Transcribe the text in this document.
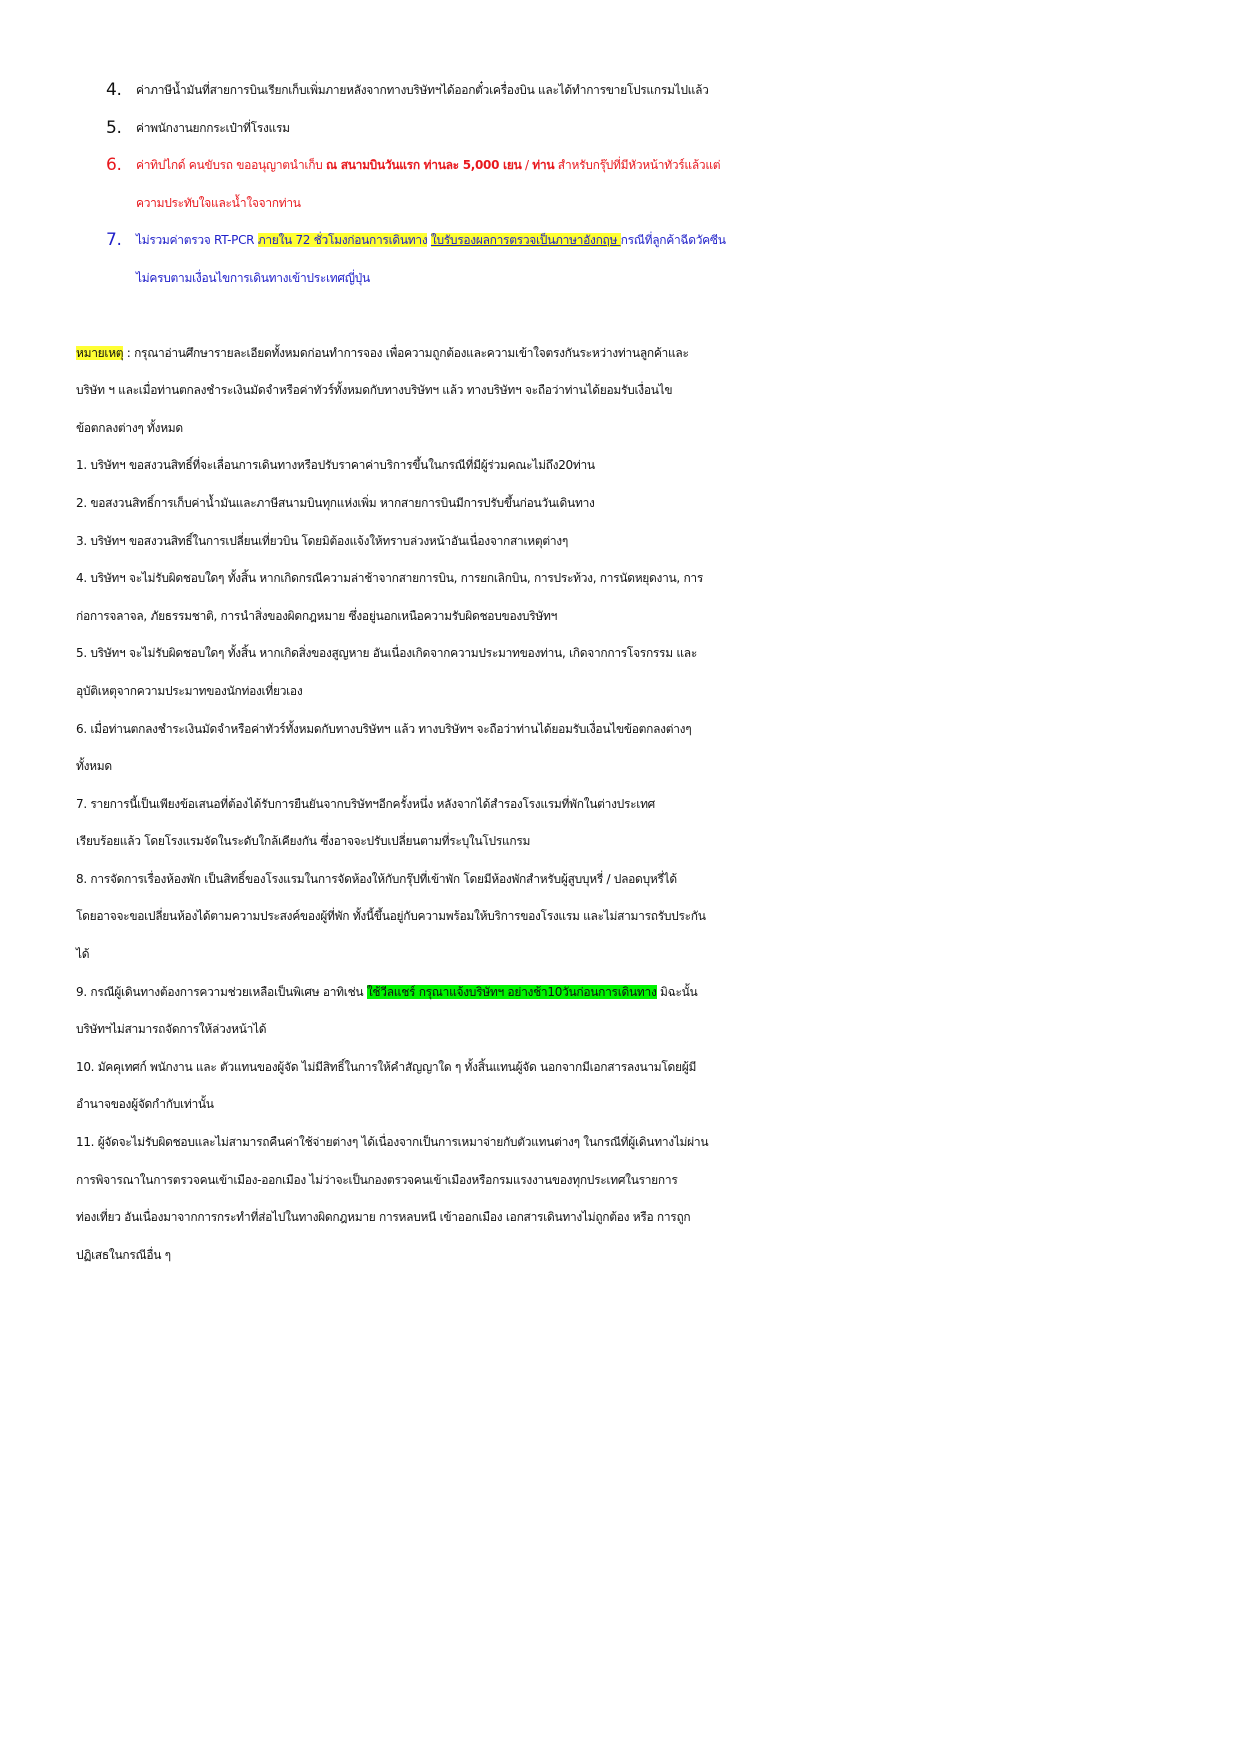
4.	ค่าภาษีน้ำมันที่สายการบินเรียกเก็บเพิ่มภายหลังจากทางบริษัทฯได้ออกตั๋วเครื่องบิน และได้ทำการขายโปรแกรมไปแล้ว
5.	ค่าพนักงานยกกระเป๋าที่โรงแรม
6.	ค่าทิปไกด์ คนขับรถ ขออนุญาตนำเก็บ ณ สนามบินวันแรก ท่านละ 5,000 เยน / ท่าน สำหรับกรุ๊ปที่มีหัวหน้าทัวร์แล้วแต่
ความประทับใจและน้ำใจจากท่าน
7.	ไม่รวมค่าตรวจ RT-PCR ภายใน 72 ชั่วโมงก่อนการเดินทาง ใบรับรองผลการตรวจเป็นภาษาอังกฤษ กรณีที่ลูกค้าฉีดวัคซีน
ไม่ครบตามเงื่อนไขการเดินทางเข้าประเทศญี่ปุ่น

หมายเหตุ : กรุณาอ่านศึกษารายละเอียดทั้งหมดก่อนทำการจอง เพื่อความถูกต้องและความเข้าใจตรงกันระหว่างท่านลูกค้าและ

บริษัท ฯ และเมื่อท่านตกลงชำระเงินมัดจำหรือค่าทัวร์ทั้งหมดกับทางบริษัทฯ แล้ว ทางบริษัทฯ จะถือว่าท่านได้ยอมรับเงื่อนไข

ข้อตกลงต่างๆ ทั้งหมด

1. บริษัทฯ ขอสงวนสิทธิ์ที่จะเลื่อนการเดินทางหรือปรับราคาค่าบริการขึ้นในกรณีที่มีผู้ร่วมคณะไม่ถึง20ท่าน

2. ขอสงวนสิทธิ์การเก็บค่าน้ำมันและภาษีสนามบินทุกแห่งเพิ่ม หากสายการบินมีการปรับขึ้นก่อนวันเดินทาง

3. บริษัทฯ ขอสงวนสิทธิ์ในการเปลี่ยนเที่ยวบิน โดยมิต้องแจ้งให้ทราบล่วงหน้าอันเนื่องจากสาเหตุต่างๆ

4. บริษัทฯ จะไม่รับผิดชอบใดๆ ทั้งสิ้น หากเกิดกรณีความล่าช้าจากสายการบิน, การยกเลิกบิน, การประท้วง, การนัดหยุดงาน, การ

ก่อการจลาจล, ภัยธรรมชาติ, การนำสิ่งของผิดกฎหมาย ซึ่งอยู่นอกเหนือความรับผิดชอบของบริษัทฯ

5. บริษัทฯ จะไม่รับผิดชอบใดๆ ทั้งสิ้น หากเกิดสิ่งของสูญหาย อันเนื่องเกิดจากความประมาทของท่าน, เกิดจากการโจรกรรม และ

อุบัติเหตุจากความประมาทของนักท่องเที่ยวเอง

6. เมื่อท่านตกลงชำระเงินมัดจำหรือค่าทัวร์ทั้งหมดกับทางบริษัทฯ แล้ว ทางบริษัทฯ จะถือว่าท่านได้ยอมรับเงื่อนไขข้อตกลงต่างๆ

ทั้งหมด

7. รายการนี้เป็นเพียงข้อเสนอที่ต้องได้รับการยืนยันจากบริษัทฯอีกครั้งหนึ่ง หลังจากได้สำรองโรงแรมที่พักในต่างประเทศ

เรียบร้อยแล้ว โดยโรงแรมจัดในระดับใกล้เคียงกัน ซึ่งอาจจะปรับเปลี่ยนตามที่ระบุในโปรแกรม

8. การจัดการเรื่องห้องพัก เป็นสิทธิ์ของโรงแรมในการจัดห้องให้กับกรุ๊ปที่เข้าพัก โดยมีห้องพักสำหรับผู้สูบบุหรี่ / ปลอดบุหรี่ได้

โดยอาจจะขอเปลี่ยนห้องได้ตามความประสงค์ของผู้ที่พัก ทั้งนี้ขึ้นอยู่กับความพร้อมให้บริการของโรงแรม และไม่สามารถรับประกัน

ได้

9. กรณีผู้เดินทางต้องการความช่วยเหลือเป็นพิเศษ อาทิเช่น ใช้วีลแชร์ กรุณาแจ้งบริษัทฯ อย่างช้า10วันก่อนการเดินทาง มิฉะนั้น

บริษัทฯไม่สามารถจัดการให้ล่วงหน้าได้

10. มัคคุเทศก์ พนักงาน และ ตัวแทนของผู้จัด ไม่มีสิทธิ์ในการให้คำสัญญาใด ๆ ทั้งสิ้นแทนผู้จัด นอกจากมีเอกสารลงนามโดยผู้มี

อำนาจของผู้จัดกำกับเท่านั้น

11. ผู้จัดจะไม่รับผิดชอบและไม่สามารถคืนค่าใช้จ่ายต่างๆ ได้เนื่องจากเป็นการเหมาจ่ายกับตัวแทนต่างๆ ในกรณีที่ผู้เดินทางไม่ผ่าน

การพิจารณาในการตรวจคนเข้าเมือง-ออกเมือง ไม่ว่าจะเป็นกองตรวจคนเข้าเมืองหรือกรมแรงงานของทุกประเทศในรายการ

ท่องเที่ยว อันเนื่องมาจากการกระทำที่ส่อไปในทางผิดกฎหมาย การหลบหนี เข้าออกเมือง เอกสารเดินทางไม่ถูกต้อง หรือ การถูก

ปฏิเสธในกรณีอื่น ๆ
